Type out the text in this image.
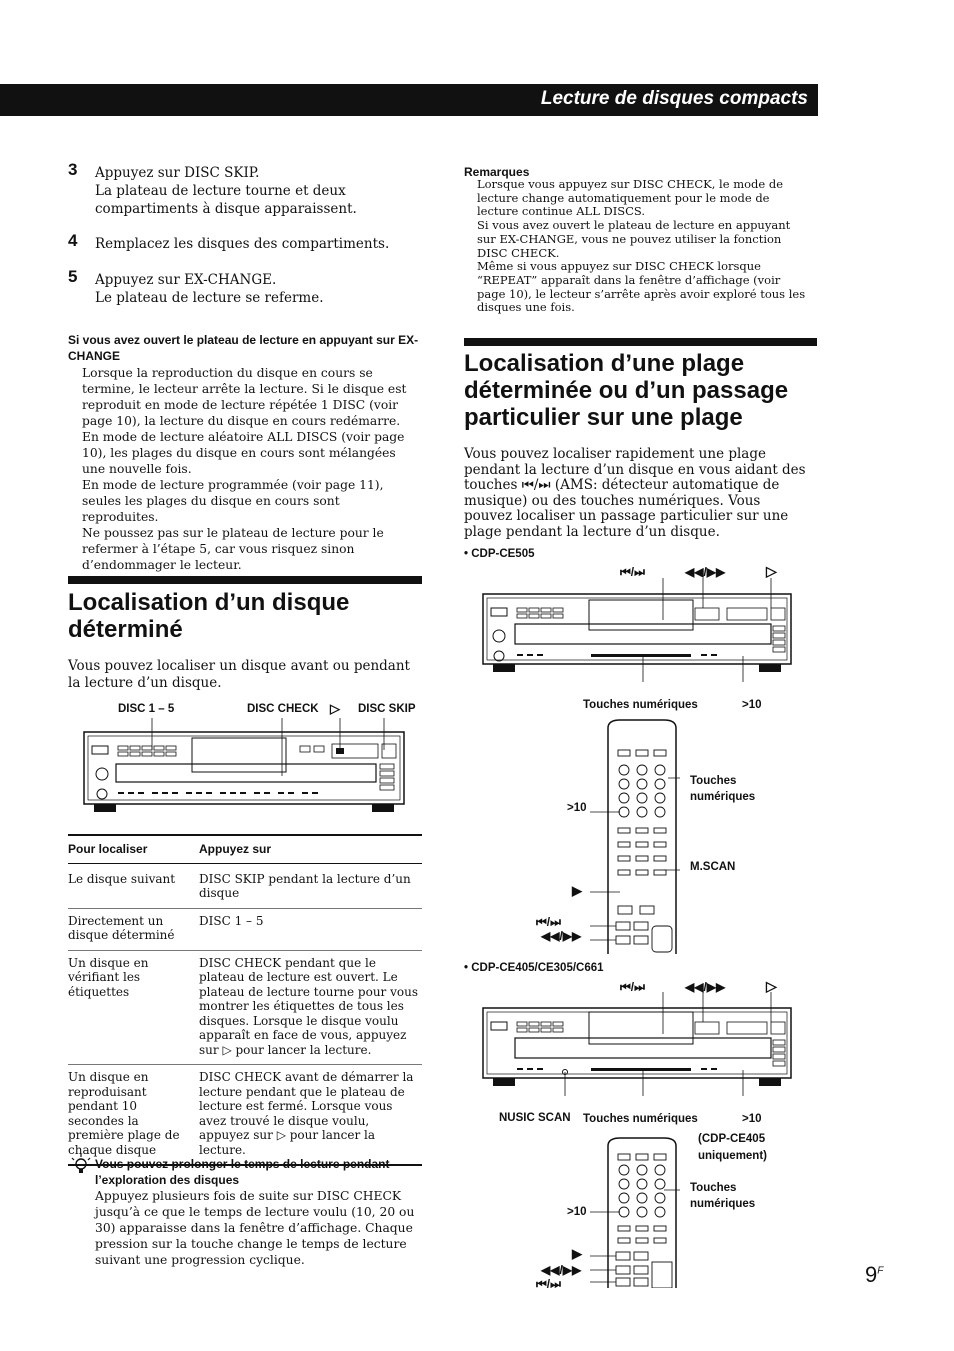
Lecture de disques compacts
3 Appuyez sur DISC SKIP.
La plateau de lecture tourne et deux
compartiments à disque apparaissent.
4 Remplacez les disques des compartiments.
5 Appuyez sur EX-CHANGE.
Le plateau de lecture se referme.
Si vous avez ouvert le plateau de lecture en appuyant sur EX-CHANGE
Lorsque la reproduction du disque en cours se termine, le lecteur arrête la lecture. Si le disque est reproduit en mode de lecture répétée 1 DISC (voir page 10), la lecture du disque en cours redémarre.
En mode de lecture aléatoire ALL DISCS (voir page 10), les plages du disque en cours sont mélangées une nouvelle fois.
En mode de lecture programmée (voir page 11), seules les plages du disque en cours sont reproduites.
Ne poussez pas sur le plateau de lecture pour le refermer à l’étape 5, car vous risquez sinon d’endommager le lecteur.
Localisation d’un disque
déterminé
Vous pouvez localiser un disque avant ou pendant la lecture d’un disque.
DISC 1 – 5	DISC CHECK ▷ DISC SKIP
Pour localiser	Appuyez sur
Le disque suivant	DISC SKIP pendant la lecture d’un disque
Directement un disque déterminé	DISC 1 – 5
Un disque en vérifiant les étiquettes	DISC CHECK pendant que le plateau de lecture est ouvert. Le plateau de lecture tourne pour vous montrer les étiquettes de tous les disques. Lorsque le disque voulu apparaît en face de vous, appuyez sur ▷ pour lancer la lecture.
Un disque en reproduisant pendant 10 secondes la première plage de chaque disque	DISC CHECK avant de démarrer la lecture pendant que le plateau de lecture est fermé. Lorsque vous avez trouvé le disque voulu, appuyez sur ▷ pour lancer la lecture.
Vous pouvez prolonger le temps de lecture pendant l’exploration des disques
Appuyez plusieurs fois de suite sur DISC CHECK jusqu’à ce que le temps de lecture voulu (10, 20 ou 30) apparaisse dans la fenêtre d’affichage. Chaque pression sur la touche change le temps de lecture suivant une progression cyclique.
Remarques
Lorsque vous appuyez sur DISC CHECK, le mode de lecture change automatiquement pour le mode de lecture continue ALL DISCS.
Si vous avez ouvert le plateau de lecture en appuyant sur EX-CHANGE, vous ne pouvez utiliser la fonction DISC CHECK.
Même si vous appuyez sur DISC CHECK lorsque “REPEAT” apparaît dans la fenêtre d’affichage (voir page 10), le lecteur s’arrête après avoir exploré tous les disques une fois.
Localisation d’une plage
déterminée ou d’un passage
particulier sur une plage
Vous pouvez localiser rapidement une plage pendant la lecture d’un disque en vous aidant des touches ⏮/⏭ (AMS: détecteur automatique de musique) ou des touches numériques. Vous pouvez localiser un passage particulier sur une plage pendant la lecture d’un disque.
• CDP-CE505
⏮/⏭	◀◀/▶▶	▷
Touches numériques	>10
Touches
numériques
>10
M.SCAN
▶
⏮/⏭
◀◀/▶▶
• CDP-CE405/CE305/C661
⏮/⏭	◀◀/▶▶	▷
NUSIC SCAN Touches numériques	>10
(CDP-CE405
uniquement)
Touches
numériques
>10
▶
◀◀/▶▶
⏮/⏭	$9^F$
